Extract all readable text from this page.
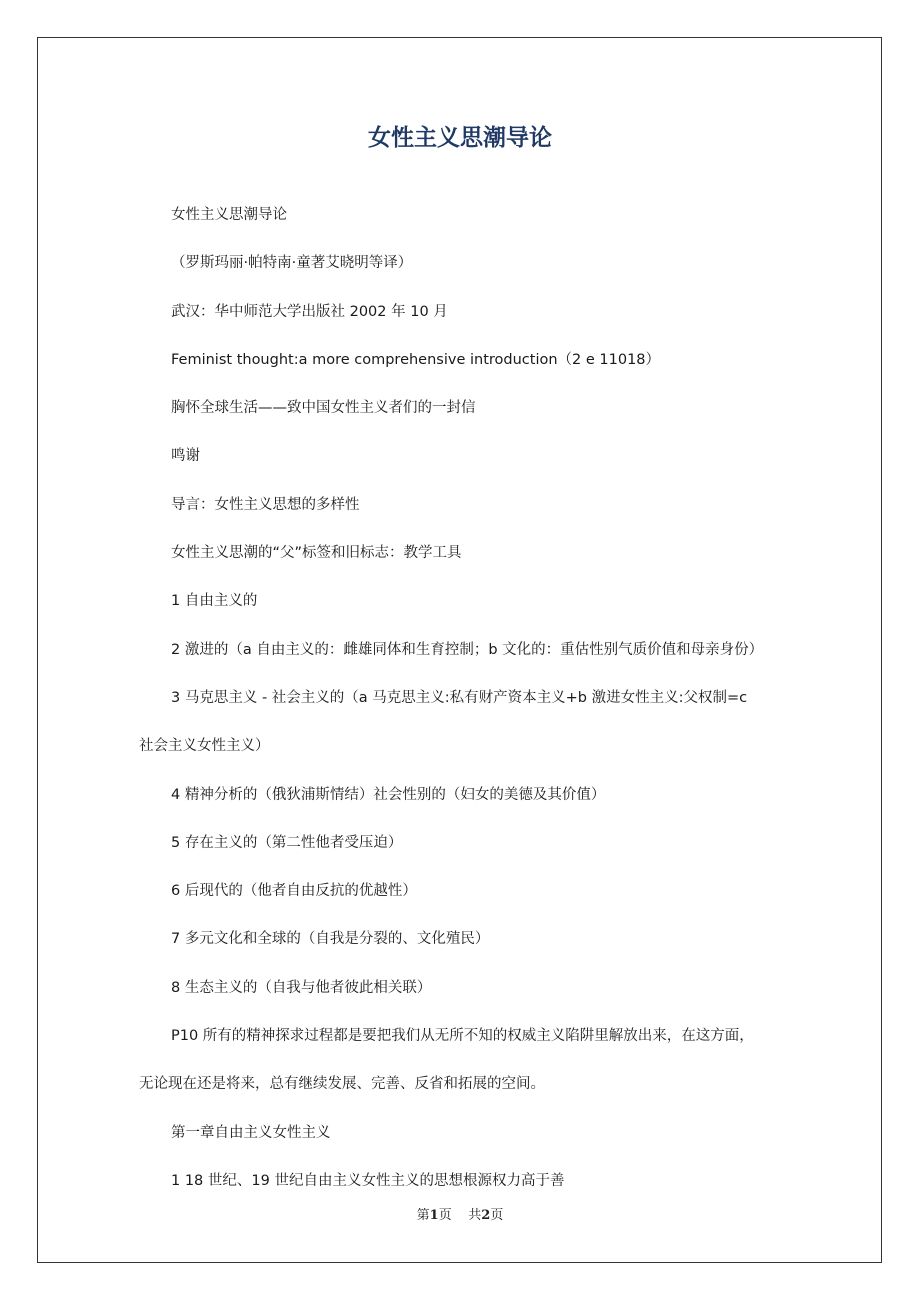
女性主义思潮导论

女性主义思潮导论

（罗斯玛丽·帕特南·童著艾晓明等译）

武汉：华中师范大学出版社 2002 年 10 月

Feminist thought:a more comprehensive introduction（2 e 11018）

胸怀全球生活——致中国女性主义者们的一封信

鸣谢

导言：女性主义思想的多样性

女性主义思潮的“父”标签和旧标志：教学工具

1 自由主义的

2 激进的（a 自由主义的：雌雄同体和生育控制；b 文化的：重估性别气质价值和母亲身份）

3 马克思主义 - 社会主义的（a 马克思主义:私有财产资本主义+b 激进女性主义:父权制=c

社会主义女性主义）

4 精神分析的（俄狄浦斯情结）社会性别的（妇女的美德及其价值）

5 存在主义的（第二性他者受压迫）

6 后现代的（他者自由反抗的优越性）

7 多元文化和全球的（自我是分裂的、文化殖民）

8 生态主义的（自我与他者彼此相关联）

P10 所有的精神探求过程都是要把我们从无所不知的权威主义陷阱里解放出来，在这方面，

无论现在还是将来，总有继续发展、完善、反省和拓展的空间。

第一章自由主义女性主义

1 18 世纪、19 世纪自由主义女性主义的思想根源权力高于善

第1页 共2页
